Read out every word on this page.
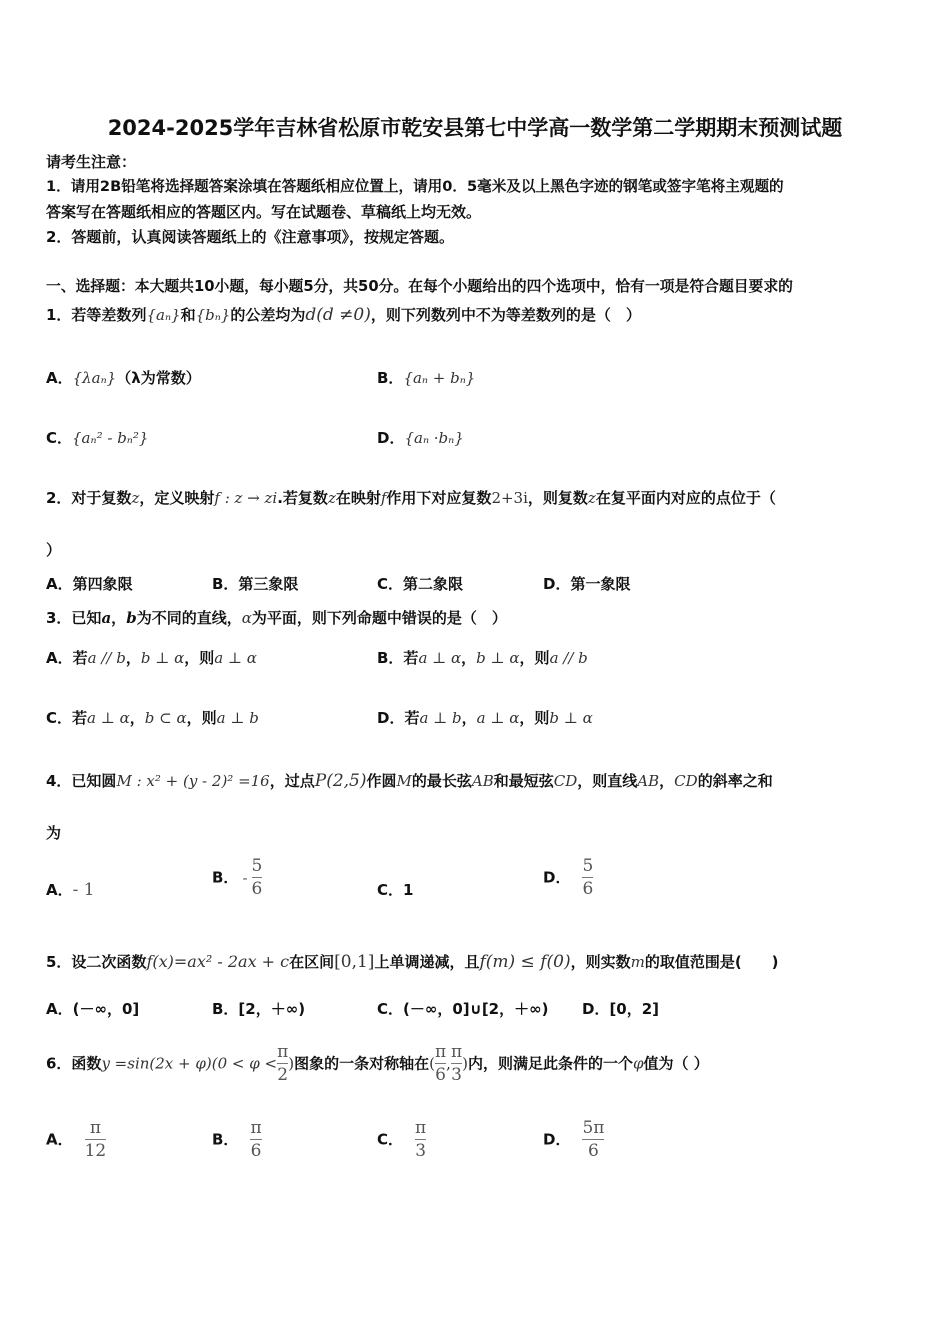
2024-2025学年吉林省松原市乾安县第七中学高一数学第二学期期末预测试题
请考生注意：
1．请用2B铅笔将选择题答案涂填在答题纸相应位置上，请用0．5毫米及以上黑色字迹的钢笔或签字笔将主观题的
答案写在答题纸相应的答题区内。写在试题卷、草稿纸上均无效。
2．答题前，认真阅读答题纸上的《注意事项》，按规定答题。
一、选择题：本大题共10小题，每小题5分，共50分。在每个小题给出的四个选项中，恰有一项是符合题目要求的
1．若等差数列{aₙ}和{bₙ}的公差均为d(d ≠0)，则下列数列中不为等差数列的是（　）
A．{λaₙ}（λ为常数）	B．{aₙ + bₙ}
C．{aₙ² - bₙ²}	D．{aₙ ·bₙ}
2．对于复数z，定义映射f : z → zi.若复数z在映射f作用下对应复数2+3i，则复数z在复平面内对应的点位于（
）
A．第四象限	B．第三象限	C．第二象限	D．第一象限
3．已知a，b为不同的直线，α为平面，则下列命题中错误的是（　）
A．若a // b，b ⊥ α，则a ⊥ α	B．若a ⊥ α，b ⊥ α，则a // b
C．若a ⊥ α，b ⊂ α，则a ⊥ b	D．若a ⊥ b，a ⊥ α，则b ⊥ α
4．已知圆M : x² + (y - 2)² =16，过点P(2,5)作圆M的最长弦AB和最短弦CD，则直线AB，CD的斜率之和
为
A．- 1
B． - $\frac{5}{6}$	C．1
D． $\frac{5}{6}$
5．设二次函数f(x)=ax² - 2ax + c在区间[0,1]上单调递减，且f(m) ≤ f(0)，则实数m的取值范围是(　　)
A．(－∞，0]	B．[2，＋∞)	C．(－∞，0]∪[2，＋∞) D．[0，2]
6．函数$y =\sin(2x + \varphi)(0 < \varphi < \frac{\pi}{2}$ )图象的一条对称轴在( $\frac{\pi}{6}$ , $\frac{\pi}{3}$ )内，则满足此条件的一个φ值为（ ）
A． $\frac{\pi}{12}$	B． $\frac{\pi}{6}$	C． $\frac{\pi}{3}$	D． $\frac{5\pi}{6}$
